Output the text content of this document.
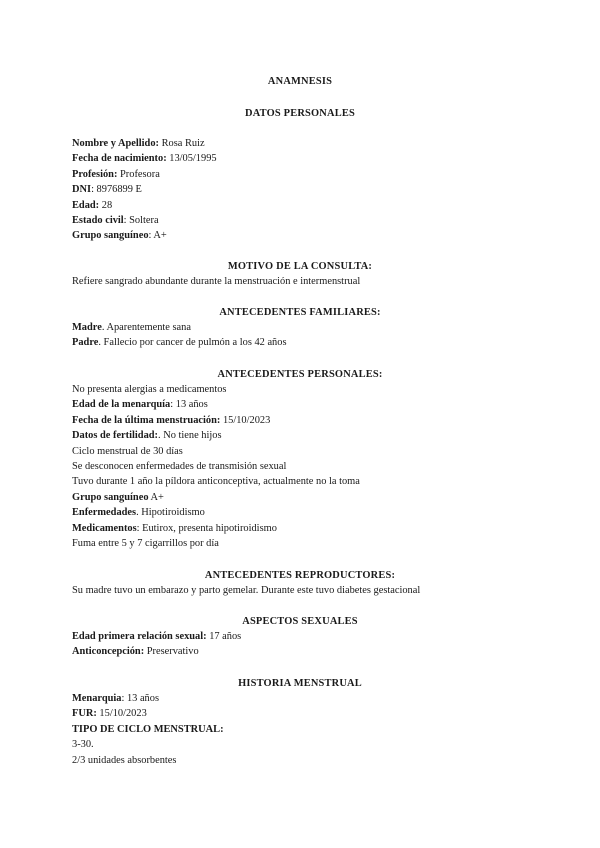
ANAMNESIS
DATOS PERSONALES
Nombre y Apellido: Rosa Ruiz
Fecha de nacimiento: 13/05/1995
Profesión: Profesora
DNI: 8976899 E
Edad: 28
Estado civil: Soltera
Grupo sanguíneo: A+
MOTIVO DE LA CONSULTA:
Refiere sangrado abundante durante la menstruación e intermenstrual
ANTECEDENTES FAMILIARES:
Madre. Aparentemente sana
Padre. Fallecio por cancer de pulmón a los 42 años
ANTECEDENTES PERSONALES:
No presenta alergias a medicamentos
Edad de la menarquía: 13 años
Fecha de la última menstruación: 15/10/2023
Datos de fertilidad:. No tiene hijos
Ciclo menstrual de 30 días
Se desconocen enfermedades de transmisión sexual
Tuvo durante 1 año la píldora anticonceptiva, actualmente no la toma
Grupo sanguíneo A+
Enfermedades. Hipotiroidismo
Medicamentos: Eutirox, presenta hipotiroidismo
Fuma entre 5 y 7 cigarrillos por día
ANTECEDENTES REPRODUCTORES:
Su madre tuvo un embarazo y parto gemelar. Durante este tuvo diabetes gestacional
ASPECTOS SEXUALES
Edad primera relación sexual: 17 años
Anticoncepción: Preservativo
HISTORIA MENSTRUAL
Menarquia: 13 años
FUR: 15/10/2023
TIPO DE CICLO MENSTRUAL:
3-30.
2/3 unidades absorbentes
